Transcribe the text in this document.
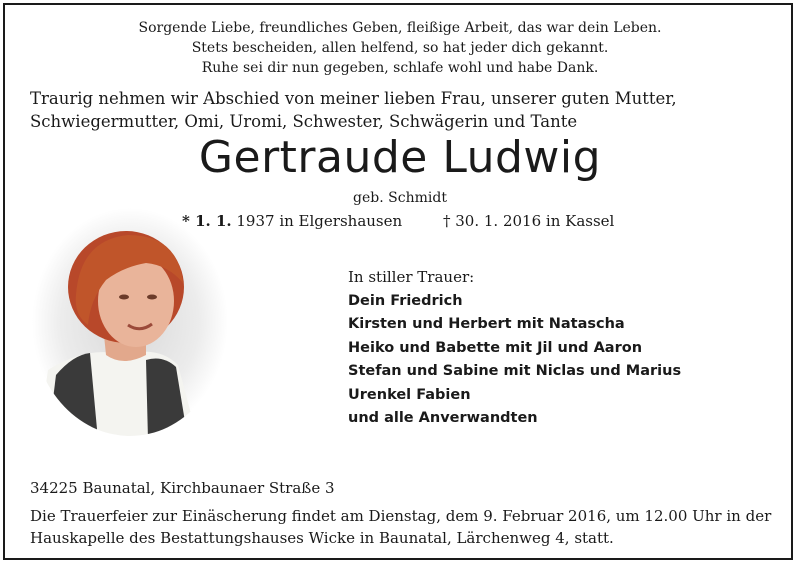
Sorgende Liebe, freundliches Geben, fleißige Arbeit, das war dein Leben.
Stets bescheiden, allen helfend, so hat jeder dich gekannt.
Ruhe sei dir nun gegeben, schlafe wohl und habe Dank.
Traurig nehmen wir Abschied von meiner lieben Frau, unserer guten Mutter, Schwiegermutter, Omi, Uromi, Schwester, Schwägerin und Tante
Gertraude Ludwig
geb. Schmidt
* 1. 1. 1937 in Elgershausen	† 30. 1. 2016 in Kassel
In stiller Trauer:
Dein Friedrich
Kirsten und Herbert mit Natascha
Heiko und Babette mit Jil und Aaron
Stefan und Sabine mit Niclas und Marius
Urenkel Fabien
und alle Anverwandten
34225 Baunatal, Kirchbaunaer Straße 3
Die Trauerfeier zur Einäscherung findet am Dienstag, dem 9. Februar 2016, um 12.00 Uhr in der Hauskapelle des Bestattungshauses Wicke in Baunatal, Lärchenweg 4, statt.
